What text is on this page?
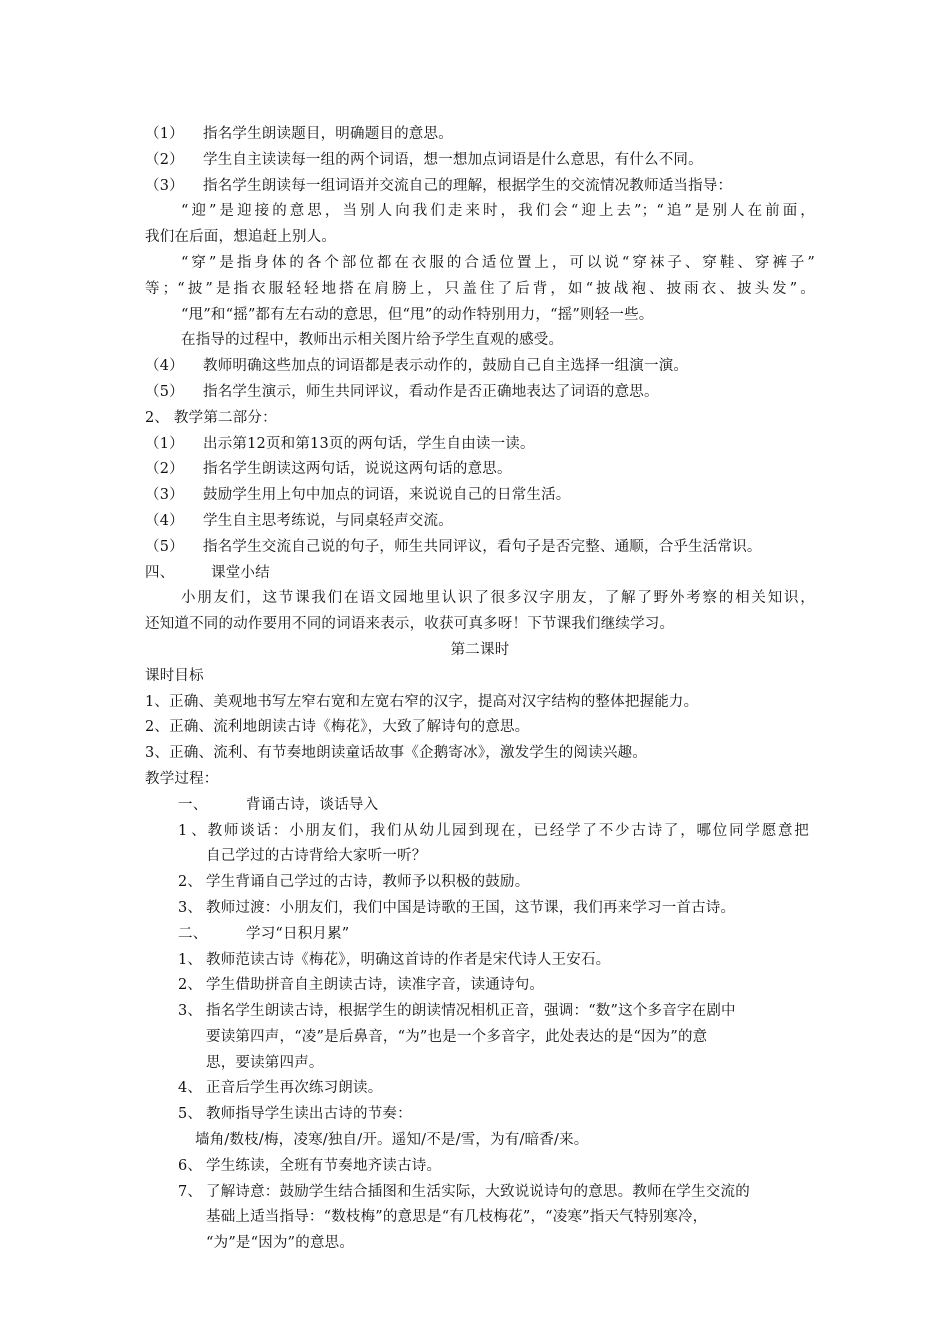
（1） 指名学生朗读题目，明确题目的意思。
（2） 学生自主读读每一组的两个词语，想一想加点词语是什么意思，有什么不同。
（3） 指名学生朗读每一组词语并交流自己的理解，根据学生的交流情况教师适当指导：
“迎”是迎接的意思，当别人向我们走来时，我们会“迎上去”；“追”是别人在前面，
我们在后面，想追赶上别人。
“穿”是指身体的各个部位都在衣服的合适位置上，可以说“穿袜子、穿鞋、穿裤子”
等；“披”是指衣服轻轻地搭在肩膀上，只盖住了后背，如“披战袍、披雨衣、披头发”。
“甩”和“摇”都有左右动的意思，但“甩”的动作特别用力，“摇”则轻一些。
在指导的过程中，教师出示相关图片给予学生直观的感受。
（4） 教师明确这些加点的词语都是表示动作的，鼓励自己自主选择一组演一演。
（5） 指名学生演示，师生共同评议，看动作是否正确地表达了词语的意思。
2、 教学第二部分：
（1） 出示第12页和第13页的两句话，学生自由读一读。
（2） 指名学生朗读这两句话，说说这两句话的意思。
（3） 鼓励学生用上句中加点的词语，来说说自己的日常生活。
（4） 学生自主思考练说，与同桌轻声交流。
（5） 指名学生交流自己说的句子，师生共同评议，看句子是否完整、通顺，合乎生活常识。
四、	课堂小结
小朋友们，这节课我们在语文园地里认识了很多汉字朋友，了解了野外考察的相关知识，
还知道不同的动作要用不同的词语来表示，收获可真多呀！下节课我们继续学习。
第二课时
课时目标
1、正确、美观地书写左窄右宽和左宽右窄的汉字，提高对汉字结构的整体把握能力。
2、正确、流利地朗读古诗《梅花》，大致了解诗句的意思。
3、正确、流利、有节奏地朗读童话故事《企鹅寄冰》，激发学生的阅读兴趣。
教学过程：
一、	背诵古诗，谈话导入
1、教师谈话：小朋友们，我们从幼儿园到现在，已经学了不少古诗了，哪位同学愿意把
自己学过的古诗背给大家听一听？
2、 学生背诵自己学过的古诗，教师予以积极的鼓励。
3、 教师过渡：小朋友们，我们中国是诗歌的王国，这节课，我们再来学习一首古诗。
二、	学习“日积月累”
1、 教师范读古诗《梅花》，明确这首诗的作者是宋代诗人王安石。
2、 学生借助拼音自主朗读古诗，读准字音，读通诗句。
3、 指名学生朗读古诗，根据学生的朗读情况相机正音，强调：“数”这个多音字在剧中
要读第四声，“凌”是后鼻音，“为”也是一个多音字，此处表达的是“因为”的意
思，要读第四声。
4、 正音后学生再次练习朗读。
5、 教师指导学生读出古诗的节奏：
墙角/数枝/梅，凌寒/独自/开。遥知/不是/雪，为有/暗香/来。
6、 学生练读，全班有节奏地齐读古诗。
7、 了解诗意：鼓励学生结合插图和生活实际，大致说说诗句的意思。教师在学生交流的
基础上适当指导：“数枝梅”的意思是“有几枝梅花”，“凌寒”指天气特别寒冷，
“为”是“因为”的意思。
